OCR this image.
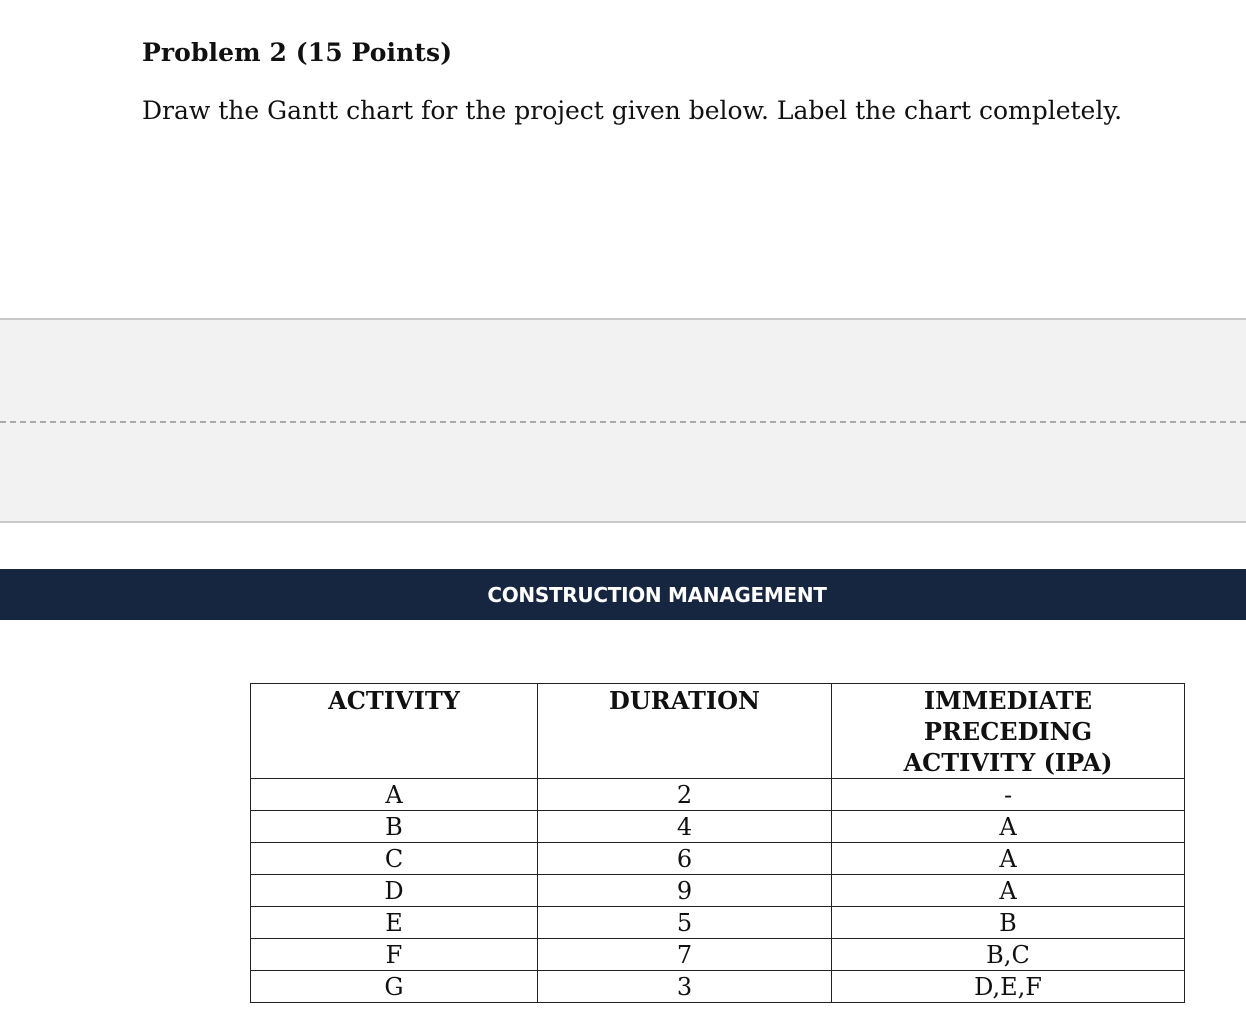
Problem 2 (15 Points)
Draw the Gantt chart for the project given below. Label the chart completely.
CONSTRUCTION MANAGEMENT
ACTIVITY	DURATION	IMMEDIATE PRECEDING
ACTIVITY (IPA)

A	2	-
B	4	A
C	6	A
D	9	A
E	5	B
F	7	B,C
G	3	D,E,F
